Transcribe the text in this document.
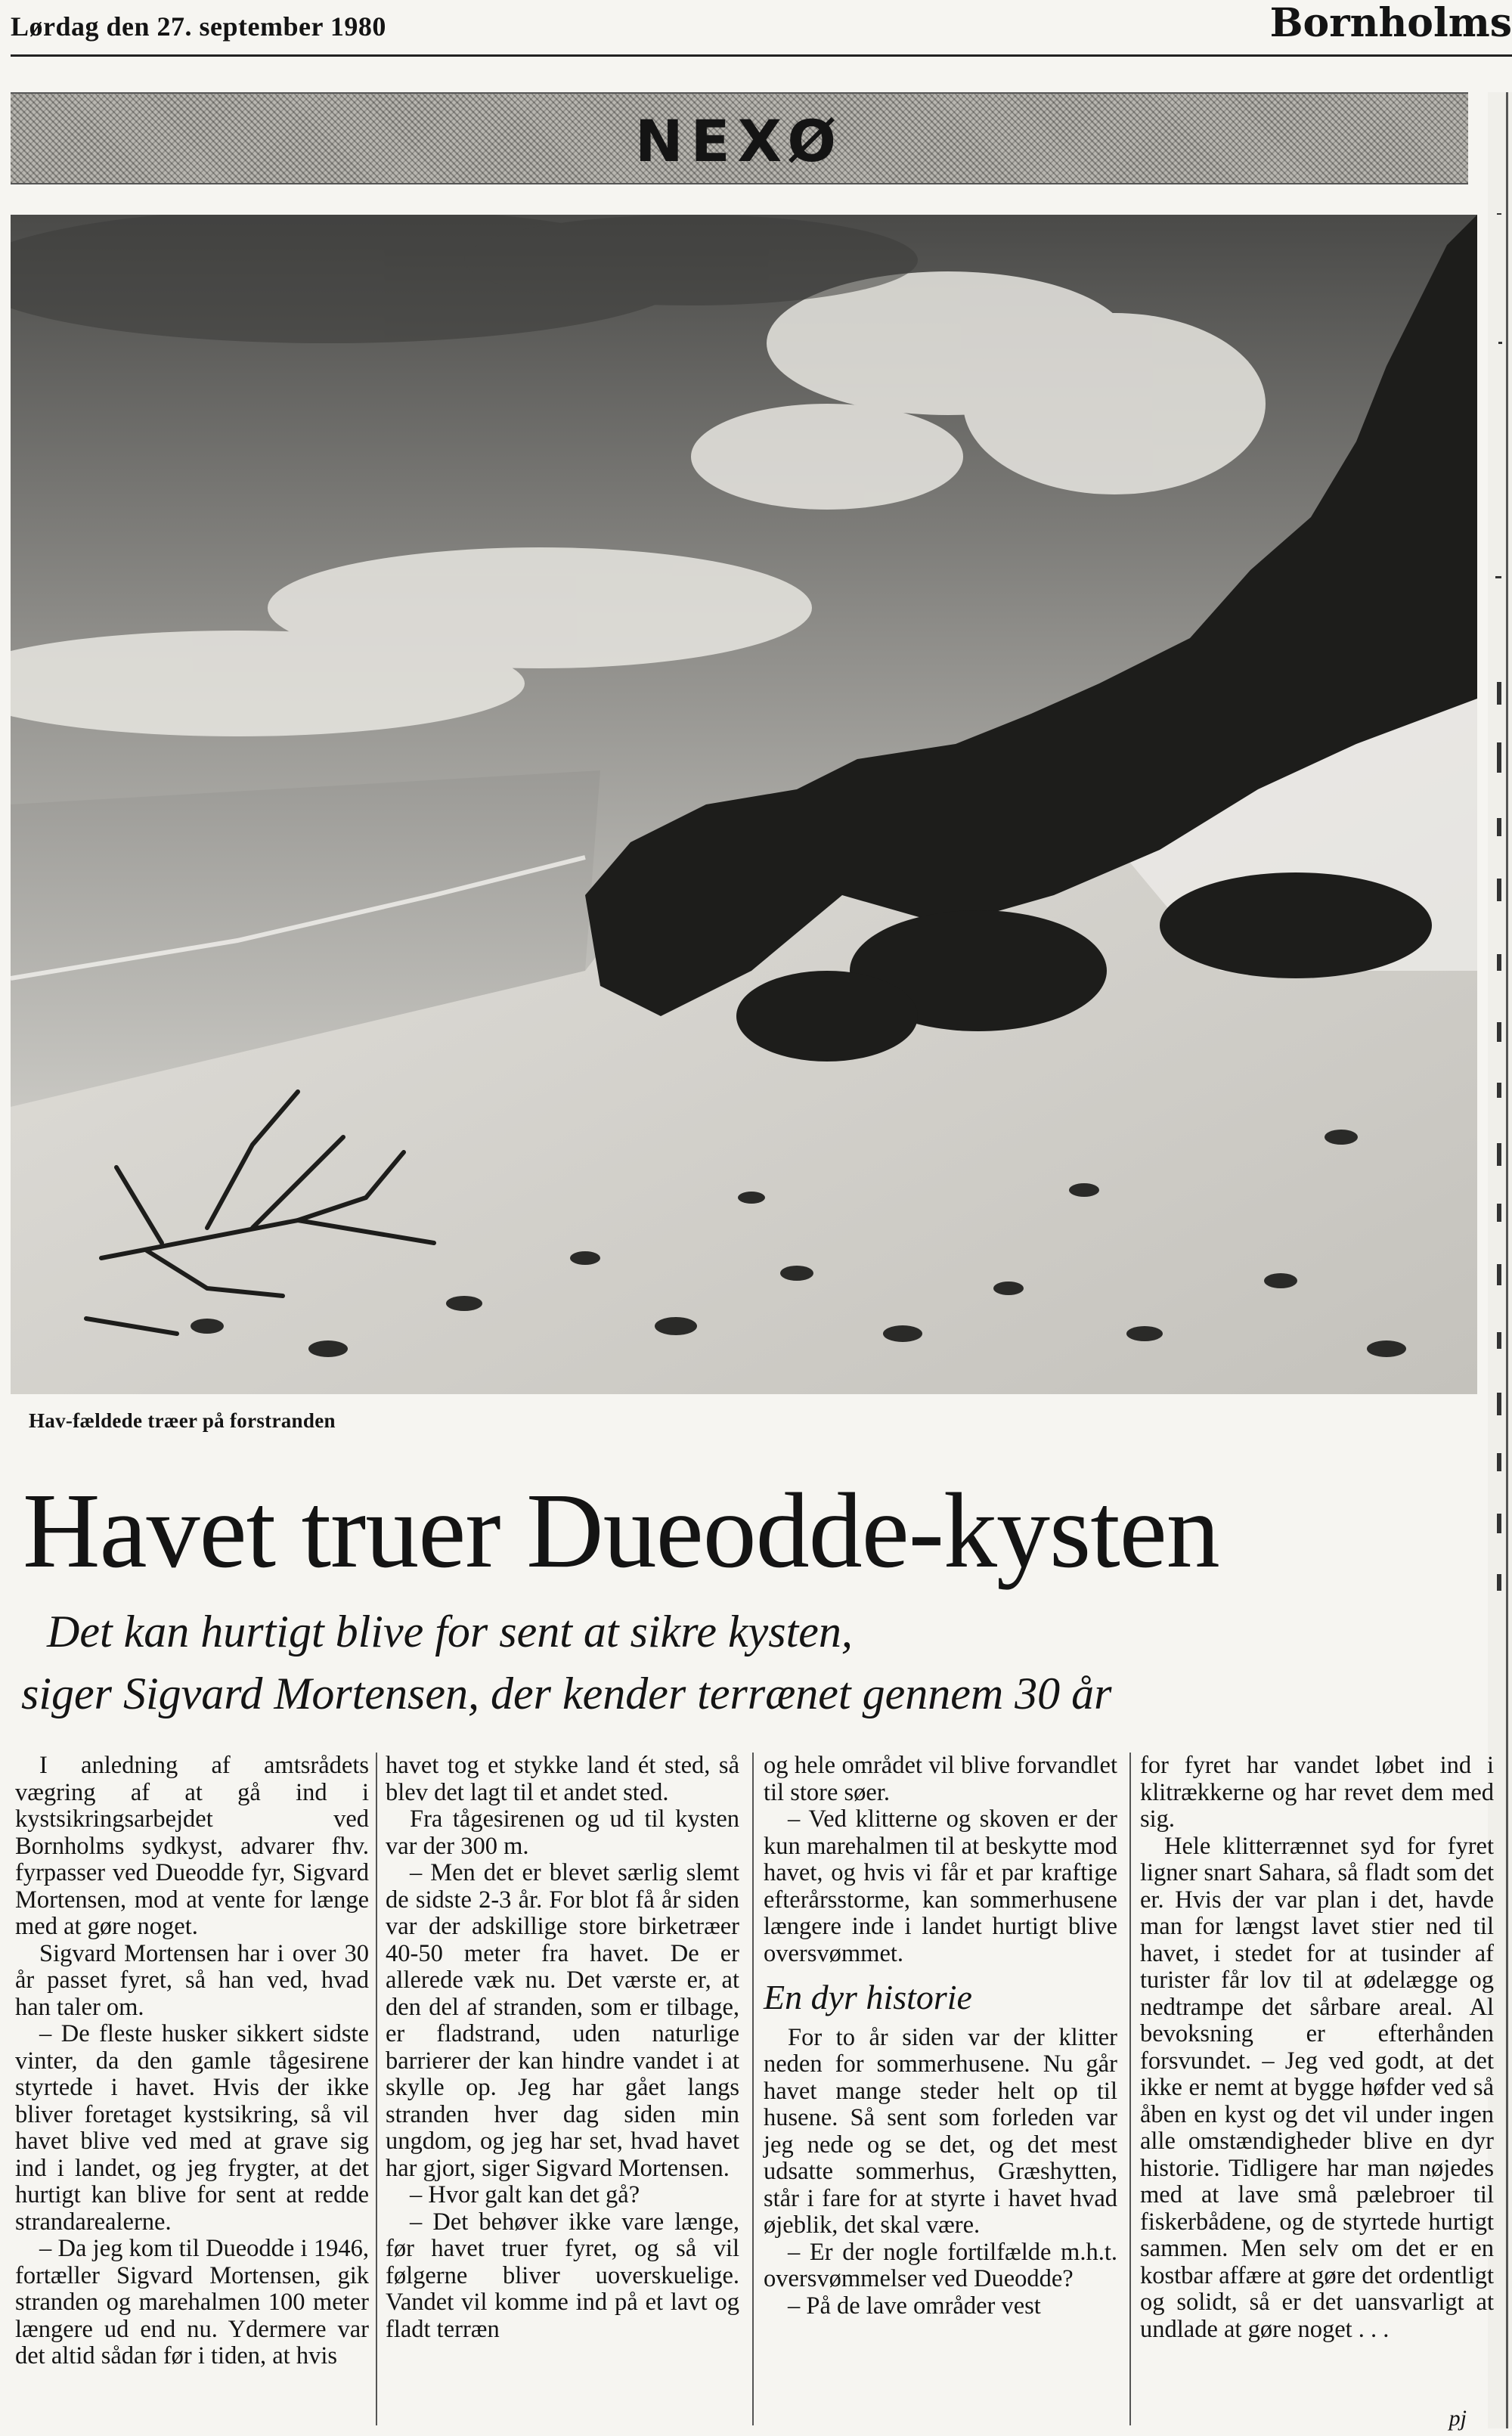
Lørdag den 27. september 1980	Bornholms
NEXØ
Hav-fældede træer på forstranden
Havet truer Dueodde-kysten
Det kan hurtigt blive for sent at sikre kysten,
siger Sigvard Mortensen, der kender terrænet gennem 30 år

I anledning af amtsrådets vægring af at gå ind i kystsikringsarbejdet ved Bornholms sydkyst, advarer fhv. fyrpasser ved Dueodde fyr, Sigvard Mortensen, mod at vente for længe med at gøre noget.

Sigvard Mortensen har i over 30 år passet fyret, så han ved, hvad han taler om.

– De fleste husker sikkert sidste vinter, da den gamle tågesirene styrtede i havet. Hvis der ikke bliver foretaget kystsikring, så vil havet blive ved med at grave sig ind i landet, og jeg frygter, at det hurtigt kan blive for sent at redde strandarealerne.

– Da jeg kom til Dueodde i 1946, fortæller Sigvard Mortensen, gik stranden og marehalmen 100 meter længere ud end nu. Ydermere var det altid sådan før i tiden, at hvis

havet tog et stykke land ét sted, så blev det lagt til et andet sted.

Fra tågesirenen og ud til kysten var der 300 m.

– Men det er blevet særlig slemt de sidste 2-3 år. For blot få år siden var der adskillige store birketræer 40-50 meter fra havet. De er allerede væk nu. Det værste er, at den del af stranden, som er tilbage, er fladstrand, uden naturlige barrierer der kan hindre vandet i at skylle op. Jeg har gået langs stranden hver dag siden min ungdom, og jeg har set, hvad havet har gjort, siger Sigvard Mortensen.

– Hvor galt kan det gå?

– Det behøver ikke vare længe, før havet truer fyret, og så vil følgerne bliver uoverskuelige. Vandet vil komme ind på et lavt og fladt terræn

og hele området vil blive forvandlet til store søer.

– Ved klitterne og skoven er der kun marehalmen til at beskytte mod havet, og hvis vi får et par kraftige efterårsstorme, kan sommerhusene længere inde i landet hurtigt blive oversvømmet.

En dyr historie

For to år siden var der klitter neden for sommerhusene. Nu går havet mange steder helt op til husene. Så sent som forleden var jeg nede og se det, og det mest udsatte sommerhus, Græshytten, står i fare for at styrte i havet hvad øjeblik, det skal være.

– Er der nogle fortilfælde m.h.t. oversvømmelser ved Dueodde?

– På de lave områder vest

for fyret har vandet løbet ind i klitrækkerne og har revet dem med sig.

Hele klitterrænnet syd for fyret ligner snart Sahara, så fladt som det er. Hvis der var plan i det, havde man for længst lavet stier ned til havet, i stedet for at tusinder af turister får lov til at ødelægge og nedtrampe det sårbare areal. Al bevoksning er efterhånden forsvundet. – Jeg ved godt, at det ikke er nemt at bygge høfder ved så åben en kyst og det vil under ingen alle omstændigheder blive en dyr historie. Tidligere har man nøjedes med at lave små pælebroer til fiskerbådene, og de styrtede hurtigt sammen. Men selv om det er en kostbar affære at gøre det ordentligt og solidt, så er det uansvarligt at undlade at gøre noget . . .

pj
